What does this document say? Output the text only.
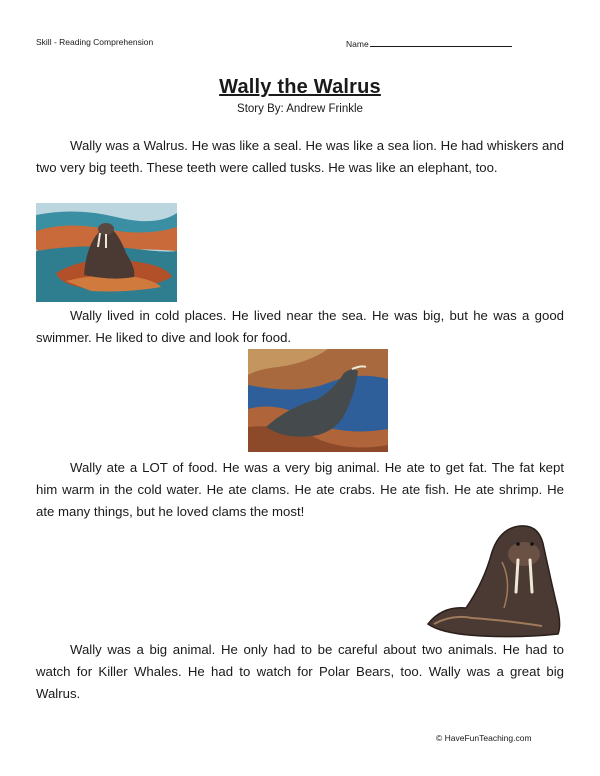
Skill - Reading Comprehension	Name
Wally the Walrus
Story By: Andrew Frinkle

Wally was a Walrus. He was like a seal. He was like a sea lion. He had whiskers and two very big teeth. These teeth were called tusks. He was like an elephant, too.

Wally lived in cold places. He lived near the sea. He was big, but he was a good swimmer. He liked to dive and look for food.

Wally ate a LOT of food. He was a very big animal. He ate to get fat. The fat kept him warm in the cold water. He ate clams. He ate crabs. He ate fish. He ate shrimp. He ate many things, but he loved clams the most!

Wally was a big animal. He only had to be careful about two animals. He had to watch for Killer Whales. He had to watch for Polar Bears, too. Wally was a great big Walrus.

© HaveFunTeaching.com
